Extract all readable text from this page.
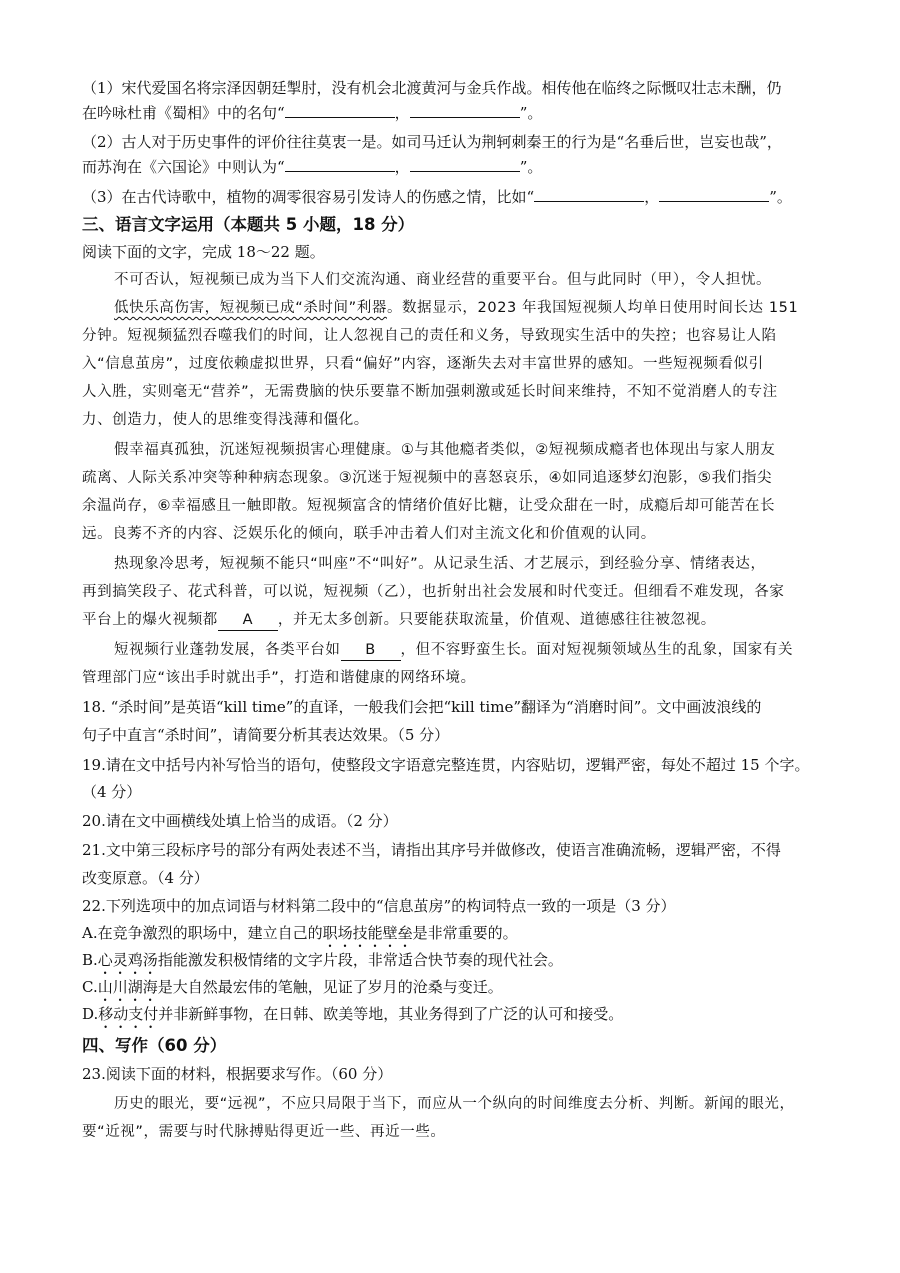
（1）宋代爱国名将宗泽因朝廷掣肘，没有机会北渡黄河与金兵作战。相传他在临终之际慨叹壮志未酬，仍
在吟咏杜甫《蜀相》中的名句“	，	”。
（2）古人对于历史事件的评价往往莫衷一是。如司马迁认为荆轲刺秦王的行为是“名垂后世，岂妄也哉”，
而苏洵在《六国论》中则认为“	，	”。
（3）在古代诗歌中，植物的凋零很容易引发诗人的伤感之情，比如“	，	”。
三、语言文字运用（本题共 5 小题，18 分）
阅读下面的文字，完成 18～22 题。
不可否认，短视频已成为当下人们交流沟通、商业经营的重要平台。但与此同时（甲），令人担忧。
低快乐高伤害，短视频已成“杀时间”利器。数据显示，2023 年我国短视频人均单日使用时间长达 151
分钟。短视频猛烈吞噬我们的时间，让人忽视自己的责任和义务，导致现实生活中的失控；也容易让人陷
入“信息茧房”，过度依赖虚拟世界，只看“偏好”内容，逐渐失去对丰富世界的感知。一些短视频看似引
人入胜，实则毫无“营养”，无需费脑的快乐要靠不断加强刺激或延长时间来维持，不知不觉消磨人的专注
力、创造力，使人的思维变得浅薄和僵化。
假幸福真孤独，沉迷短视频损害心理健康。①与其他瘾者类似，②短视频成瘾者也体现出与家人朋友
疏离、人际关系冲突等种种病态现象。③沉迷于短视频中的喜怒哀乐，④如同追逐梦幻泡影，⑤我们指尖
余温尚存，⑥幸福感且一触即散。短视频富含的情绪价值好比糖，让受众甜在一时，成瘾后却可能苦在长
远。良莠不齐的内容、泛娱乐化的倾向，联手冲击着人们对主流文化和价值观的认同。
热现象冷思考，短视频不能只“叫座”不“叫好”。从记录生活、才艺展示，到经验分享、情绪表达，
再到搞笑段子、花式科普，可以说，短视频（乙），也折射出社会发展和时代变迁。但细看不难发现，各家
平台上的爆火视频都 A ，并无太多创新。只要能获取流量，价值观、道德感往往被忽视。
短视频行业蓬勃发展，各类平台如 B ，但不容野蛮生长。面对短视频领域丛生的乱象，国家有关
管理部门应“该出手时就出手”，打造和谐健康的网络环境。
18. “杀时间”是英语“kill time”的直译，一般我们会把“kill time”翻译为“消磨时间”。文中画波浪线的
句子中直言“杀时间”，请简要分析其表达效果。（5 分）
19.请在文中括号内补写恰当的语句，使整段文字语意完整连贯，内容贴切，逻辑严密，每处不超过 15 个字。
（4 分）
20.请在文中画横线处填上恰当的成语。（2 分）
21.文中第三段标序号的部分有两处表述不当，请指出其序号并做修改，使语言准确流畅，逻辑严密，不得
改变原意。（4 分）
22.下列选项中的加点词语与材料第二段中的“信息茧房”的构词特点一致的一项是（3 分）
A.在竞争激烈的职场中，建立自己的职场技能壁垒是非常重要的。
B.心灵鸡汤指能激发积极情绪的文字片段，非常适合快节奏的现代社会。
C.山川湖海是大自然最宏伟的笔触，见证了岁月的沧桑与变迁。
D.移动支付并非新鲜事物，在日韩、欧美等地，其业务得到了广泛的认可和接受。
四、写作（60 分）
23.阅读下面的材料，根据要求写作。（60 分）
历史的眼光，要“远视”，不应只局限于当下，而应从一个纵向的时间维度去分析、判断。新闻的眼光，
要“近视”，需要与时代脉搏贴得更近一些、再近一些。
